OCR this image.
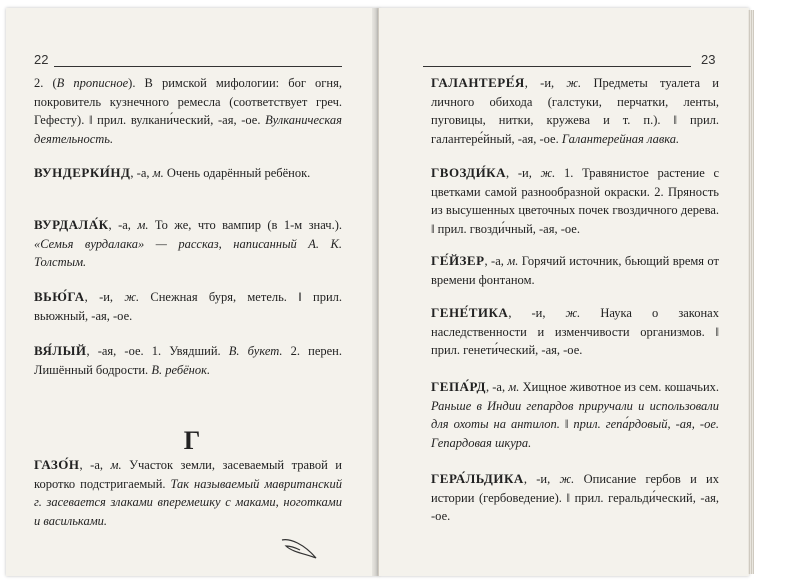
22
2. (В прописное). В римской мифологии: бог огня, покровитель кузнечного ремесла (соответствует греч. Гефесту). ‖ прил. вулкани́ческий, -ая, -ое. Вулканическая деятельность.
ВУНДЕРКИ́НД, -а, м. Очень одарённый ребёнок.
ВУРДАЛА́К, -а, м. То же, что вампир (в 1-м знач.). «Семья вурдалака» — рассказ, написанный А. К. Толстым.
ВЬЮ́ГА, -и, ж. Снежная буря, метель. ‖ прил. вьюжный, -ая, -ое.
ВЯ́ЛЫЙ, -ая, -ое. 1. Увядший. В. букет. 2. перен. Лишённый бодрости. В. ребёнок.
Г
ГАЗО́Н, -а, м. Участок земли, засеваемый травой и коротко подстригаемый. Так называемый мавританский г. засевается злаками вперемешку с маками, ноготками и васильками.
23
ГАЛАНТЕРЕ́Я, -и, ж. Предметы туалета и личного обихода (галстуки, перчатки, ленты, пуговицы, нитки, кружева и т. п.). ‖ прил. галантере́йный, -ая, -ое. Галантерейная лавка.
ГВОЗДИ́КА, -и, ж. 1. Травянистое растение с цветками самой разнообразной окраски. 2. Пряность из высушенных цветочных почек гвоздичного дерева. ‖ прил. гвозди́чный, -ая, -ое.
ГЕ́ЙЗЕР, -а, м. Горячий источник, бьющий время от времени фонтаном.
ГЕНЕ́ТИКА, -и, ж. Наука о законах наследственности и изменчивости организмов. ‖ прил. генети́ческий, -ая, -ое.
ГЕПА́РД, -а, м. Хищное животное из сем. кошачьих. Раньше в Индии гепардов приручали и использовали для охоты на антилоп. ‖ прил. гепа́рдовый, -ая, -ое. Гепардовая шкура.
ГЕРА́ЛЬДИКА, -и, ж. Описание гербов и их истории (гербоведение). ‖ прил. геральди́ческий, -ая, -ое.
